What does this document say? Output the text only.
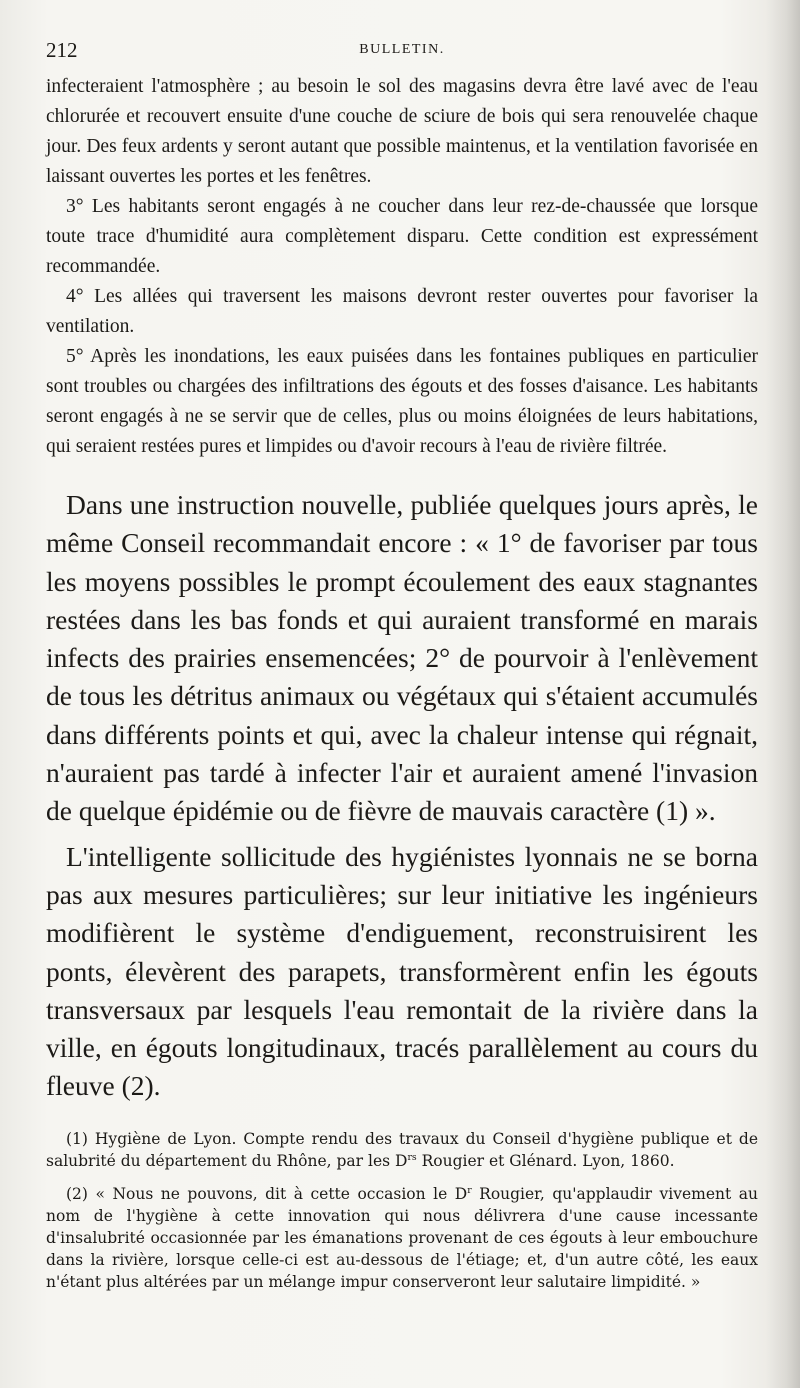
212	BULLETIN.

infecteraient l'atmosphère ; au besoin le sol des magasins devra être lavé avec de l'eau chlorurée et recouvert ensuite d'une couche de sciure de bois qui sera renouvelée chaque jour. Des feux ardents y seront autant que possible maintenus, et la ventilation favorisée en laissant ouvertes les portes et les fenêtres.

3° Les habitants seront engagés à ne coucher dans leur rez-de-chaussée que lorsque toute trace d'humidité aura complètement disparu. Cette condition est expressément recommandée.

4° Les allées qui traversent les maisons devront rester ouvertes pour favoriser la ventilation.

5° Après les inondations, les eaux puisées dans les fontaines publiques en particulier sont troubles ou chargées des infiltrations des égouts et des fosses d'aisance. Les habitants seront engagés à ne se servir que de celles, plus ou moins éloignées de leurs habitations, qui seraient restées pures et limpides ou d'avoir recours à l'eau de rivière filtrée.

Dans une instruction nouvelle, publiée quelques jours après, le même Conseil recommandait encore : « 1° de favoriser par tous les moyens possibles le prompt écoulement des eaux stagnantes restées dans les bas fonds et qui auraient transformé en marais infects des prairies ensemencées; 2° de pourvoir à l'enlèvement de tous les détritus animaux ou végétaux qui s'étaient accumulés dans différents points et qui, avec la chaleur intense qui régnait, n'auraient pas tardé à infecter l'air et auraient amené l'invasion de quelque épidémie ou de fièvre de mauvais caractère (1) ».

L'intelligente sollicitude des hygiénistes lyonnais ne se borna pas aux mesures particulières; sur leur initiative les ingénieurs modifièrent le système d'endiguement, reconstruisirent les ponts, élevèrent des parapets, transformèrent enfin les égouts transversaux par lesquels l'eau remontait de la rivière dans la ville, en égouts longitudinaux, tracés parallèlement au cours du fleuve (2).

(1) Hygiène de Lyon. Compte rendu des travaux du Conseil d'hygiène publique et de salubrité du département du Rhône, par les $D^{rs}$ Rougier et Glénard. Lyon, 1860.

(2) « Nous ne pouvons, dit à cette occasion le $D^r$ Rougier, qu'applaudir vivement au nom de l'hygiène à cette innovation qui nous délivrera d'une cause incessante d'insalubrité occasionnée par les émanations provenant de ces égouts à leur embouchure dans la rivière, lorsque celle-ci est au-dessous de l'étiage; et, d'un autre côté, les eaux n'étant plus altérées par un mélange impur conserveront leur salutaire limpidité. »
